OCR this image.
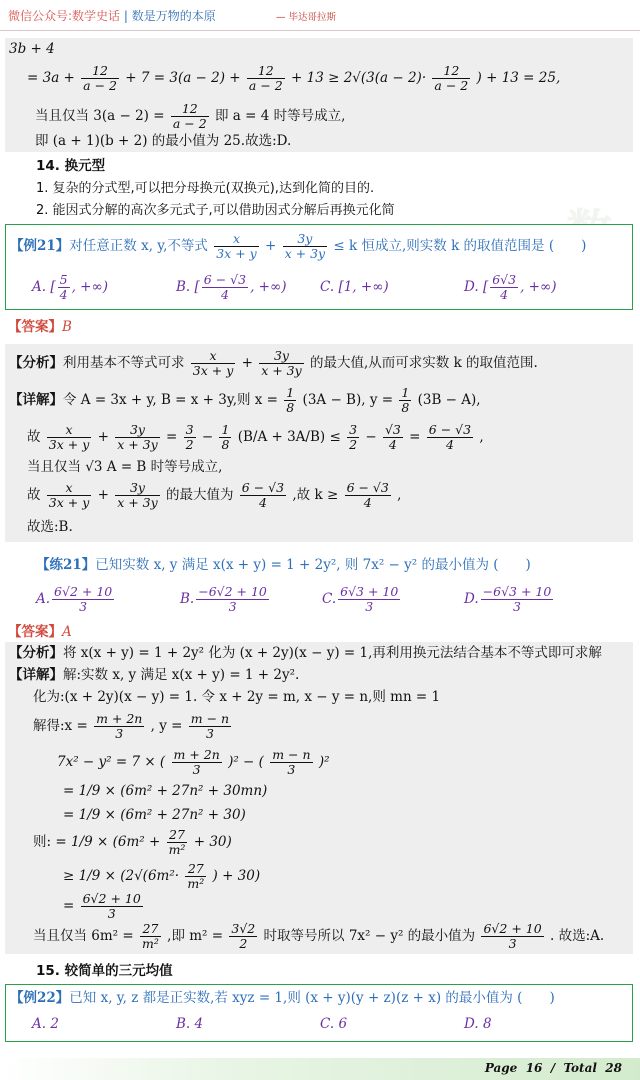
微信公众号:数学史话 | 数是万物的本原	— 毕达哥拉斯
3b + 4
= $3a + \frac{12}{a - 2} + 7 = 3(a - 2) + \frac{12}{a - 2} + 13 \ge 2√(3(a - 2)\cdot \frac{12}{a - 2}$ ) + 13 = 25,
当且仅当 $3(a - 2) = \frac{12}{a - 2}$ 即 a = 4 时等号成立,
即 (a + 1)(b + 2) 的最小值为 25.故选:D.
14. 换元型
1. 复杂的分式型,可以把分母换元(双换元),达到化简的目的.
2. 能因式分解的高次多元式子,可以借助因式分解后再换元化简
【例21】对任意正数 x, y,不等式 $\frac{x}{3x + y} + \frac{3y}{x + 3y} \le k$ 恒成立,则实数 k 的取值范围是 (　　)
A. [ $\frac{5}{4}$ , +∞)	B. [ $\frac{6 - √3}{4}$ , +∞) C. [1, +∞)	D. [ $\frac{6√3}{4}$ , +∞)
【答案】B
【分析】利用基本不等式可求 $\frac{x}{3x + y} + \frac{3y}{x + 3y}$ 的最大值,从而可求实数 k 的取值范围.
【详解】令 A = 3x + y, B = x + 3y,则 $x = \frac{1}{8} (3A - B)$, $y = \frac{1}{8} (3B - A)$,
故 $\frac{x}{3x + y} + \frac{3y}{x + 3y} = \frac{3}{2} - \frac{1}{8} (B/A + 3A/B) \le \frac{3}{2} - \frac{√3}{4} = \frac{6 - √3}{4}$ ,
当且仅当 √3 A = B 时等号成立,
故 $\frac{x}{3x + y} + \frac{3y}{x + 3y}$ 的最大值为 $\frac{6 - √3}{4}$ ,故 $k \ge \frac{6 - √3}{4}$ ,
故选:B.
【练21】已知实数 x, y 满足 x(x + y) = 1 + 2y², 则 7x² − y² 的最小值为 (　　)
A. $\frac{6√2 + 10}{3}$	B. $\frac{-6√2 + 10}{3}$	C. $\frac{6√3 + 10}{3}$	D. $\frac{-6√3 + 10}{3}$
【答案】A
【分析】将 x(x + y) = 1 + 2y² 化为 (x + 2y)(x − y) = 1,再利用换元法结合基本不等式即可求解
【详解】解:实数 x, y 满足 x(x + y) = 1 + 2y².
化为:(x + 2y)(x − y) = 1. 令 x + 2y = m, x − y = n,则 mn = 1
解得:x = $\frac{m + 2n}{3}$ , $y = \frac{m - n}{3}$
7x² − y² = 7 × ( $\frac{m + 2n}{3} )^2$ − ( $\frac{m - n}{3} )^2$
= 1/9 × (6m² + 27n² + 30mn)
= 1/9 × (6m² + 27n² + 30)
则: = $1/9 \times (6m^2 + \frac{27}{\text{m²}} + 30)$
≥ $1/9 \times (2√(6m^2\cdot \frac{27}{\text{m²}}$ ) + 30)
= $\frac{6√2 + 10}{3}$
当且仅当 $6m^2 = \frac{27}{\text{m²}}$ ,即 $m^2 = \frac{3√2}{2}$ 时取等号所以 7x² − y² 的最小值为 $\frac{6√2 + 10}{3}$ . 故选:A.
15. 较简单的三元均值
【例22】已知 x, y, z 都是正实数,若 xyz = 1,则 (x + y)(y + z)(z + x) 的最小值为 (　　)
A. 2	B. 4	C. 6	D. 8
Page 16 / Total 28
